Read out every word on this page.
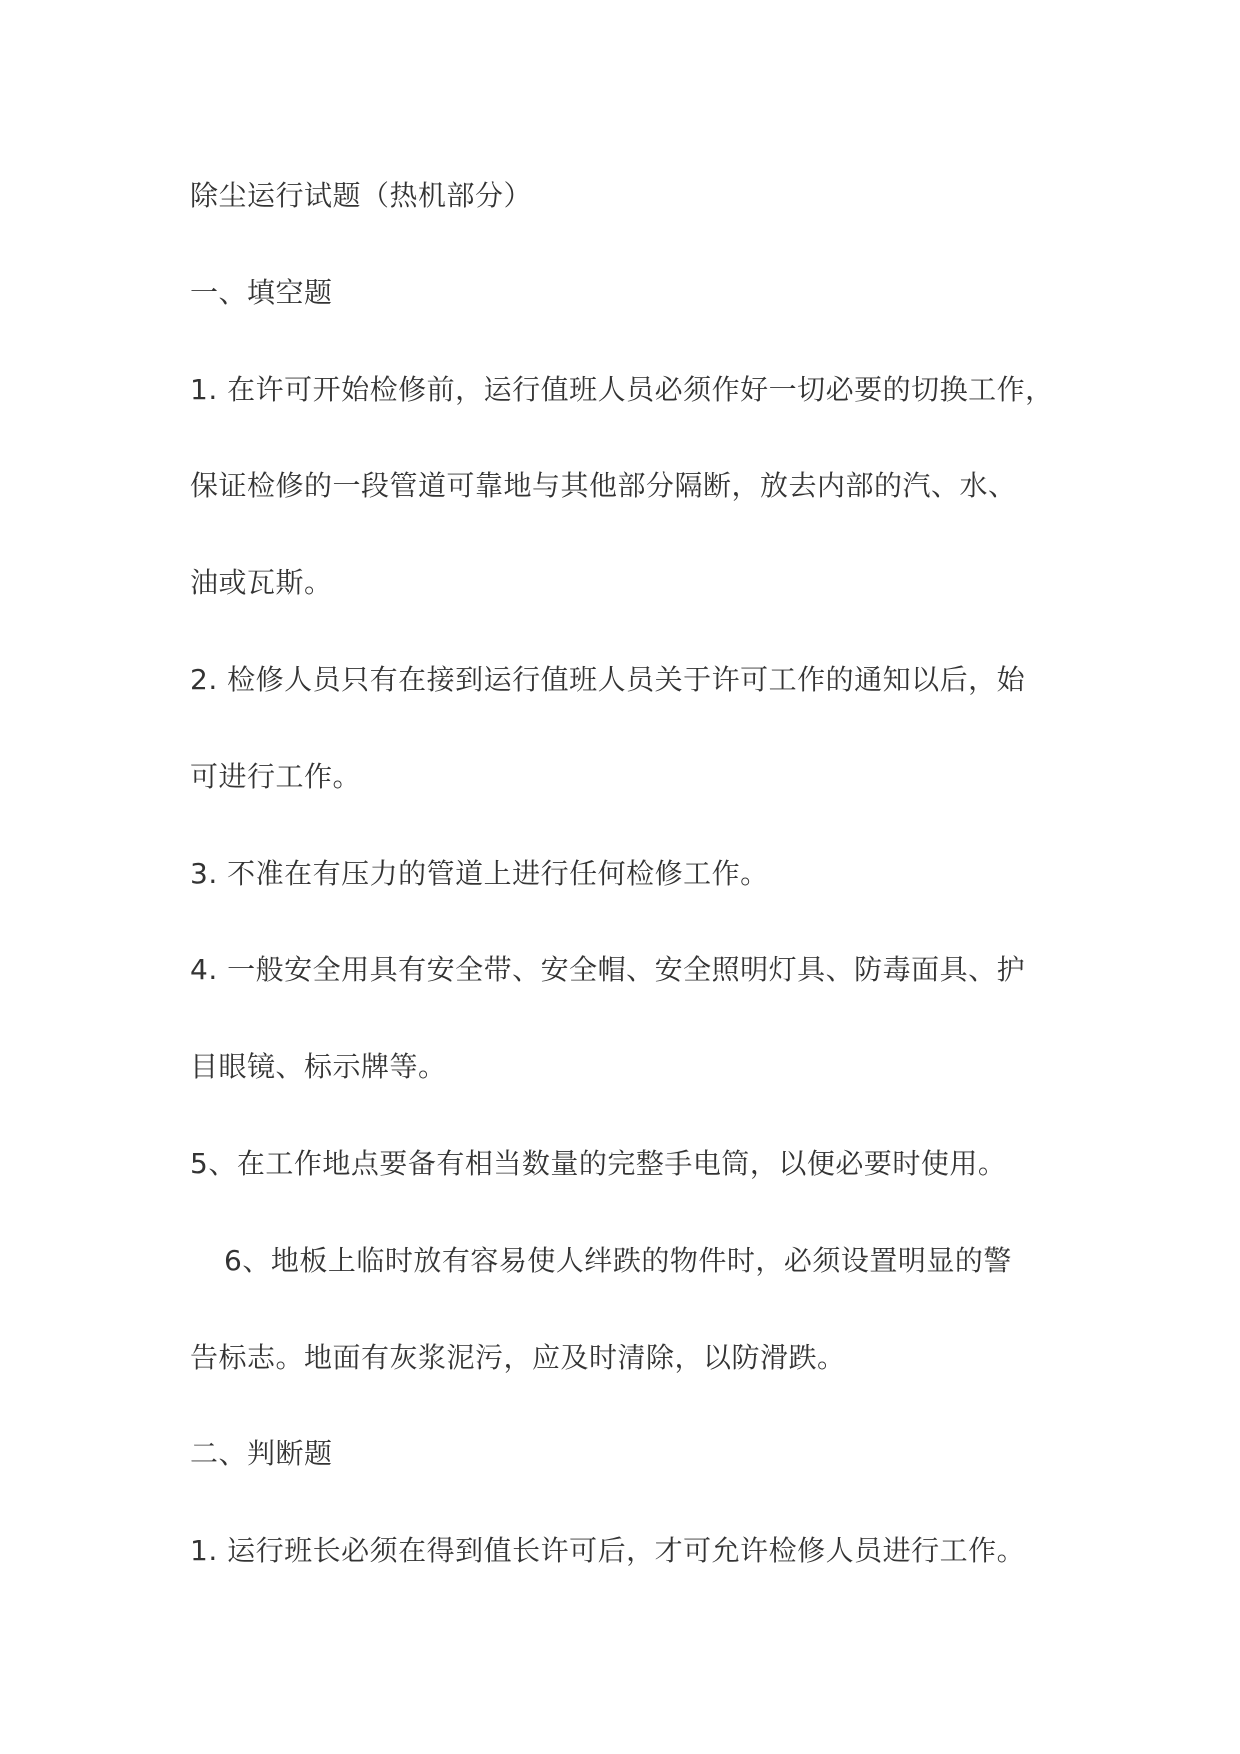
除尘运行试题（热机部分）
一、填空题
1. 在许可开始检修前，运行值班人员必须作好一切必要的切换工作，
保证检修的一段管道可靠地与其他部分隔断，放去内部的汽、水、
油或瓦斯。
2. 检修人员只有在接到运行值班人员关于许可工作的通知以后，始
可进行工作。
3. 不准在有压力的管道上进行任何检修工作。
4. 一般安全用具有安全带、安全帽、安全照明灯具、防毒面具、护
目眼镜、标示牌等。
5、在工作地点要备有相当数量的完整手电筒，以便必要时使用。
6、地板上临时放有容易使人绊跌的物件时，必须设置明显的警
告标志。地面有灰浆泥污，应及时清除，以防滑跌。
二、判断题
1. 运行班长必须在得到值长许可后，才可允许检修人员进行工作。
